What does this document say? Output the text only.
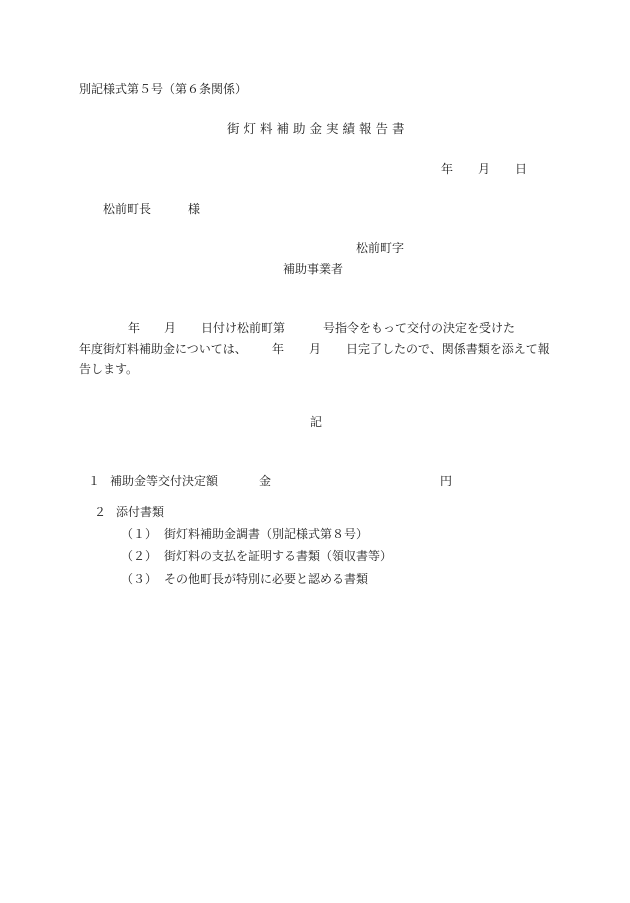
別記様式第５号（第６条関係）
街灯料補助金実績報告書
年 月 日
松前町長	様
松前町字
補助事業者
年 月 日付け松前町第	号指令をもって交付の決定を受けた
年度街灯料補助金については、 年 月 日完了したので、関係書類を添えて報
告します。
記
１ 補助金等交付決定額	金	円
２ 添付書類
（１） 街灯料補助金調書（別記様式第８号）
（２） 街灯料の支払を証明する書類（領収書等）
（３） その他町長が特別に必要と認める書類
